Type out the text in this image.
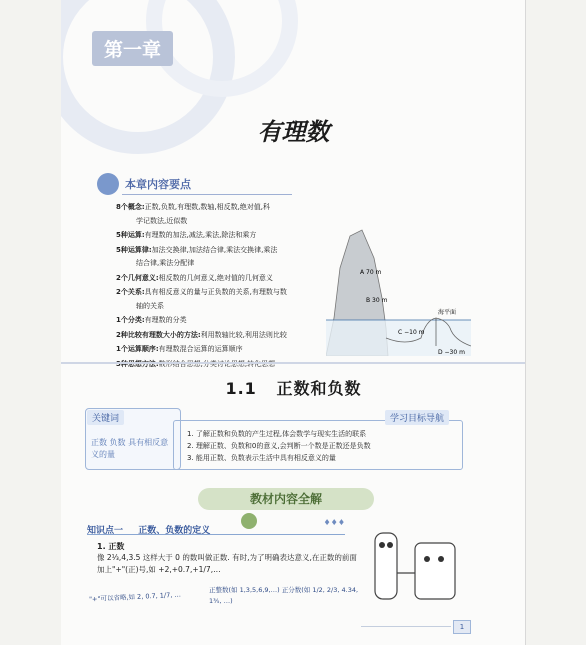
第一章
有理数
本章内容要点
8个概念:正数,负数,有理数,数轴,相反数,绝对值,科
学记数法,近似数
5种运算:有理数的加法,减法,乘法,除法和乘方
5种运算律:加法交换律,加法结合律,乘法交换律,乘法
结合律,乘法分配律
2个几何意义:相反数的几何意义,绝对值的几何意义
2个关系:具有相反意义的量与正负数的关系,有理数与数
轴的关系
1个分类:有理数的分类
2种比较有理数大小的方法:利用数轴比较,利用法则比较
1个运算顺序:有理数混合运算的运算顺序
A 70 m
B 30 m
海平面
C −10 m
D −30 m
1.1 正数和负数
关键词
正数 负数 具有相反意义的量
学习目标导航
1. 了解正数和负数的产生过程,体会数学与现实生活的联系
2. 理解正数、负数和0的意义,会判断一个数是正数还是负数
3. 能用正数、负数表示生活中具有相反意义的量
教材内容全解
知识点一 正数、负数的定义
♦♦♦
1. 正数
像 2⅓,4,3.5 这样大于 0 的数叫做正数. 有时,为了明确表达意义,在正数的前面加上"+"(正)号,如 +2,+0.7,+1/7,…
"+"可以省略,如 2, 0.7, 1/7, …
正整数(如 1,3,5,6,9,…) 正分数(如 1/2, 2/3, 4.34, 1⅗, …)
1
